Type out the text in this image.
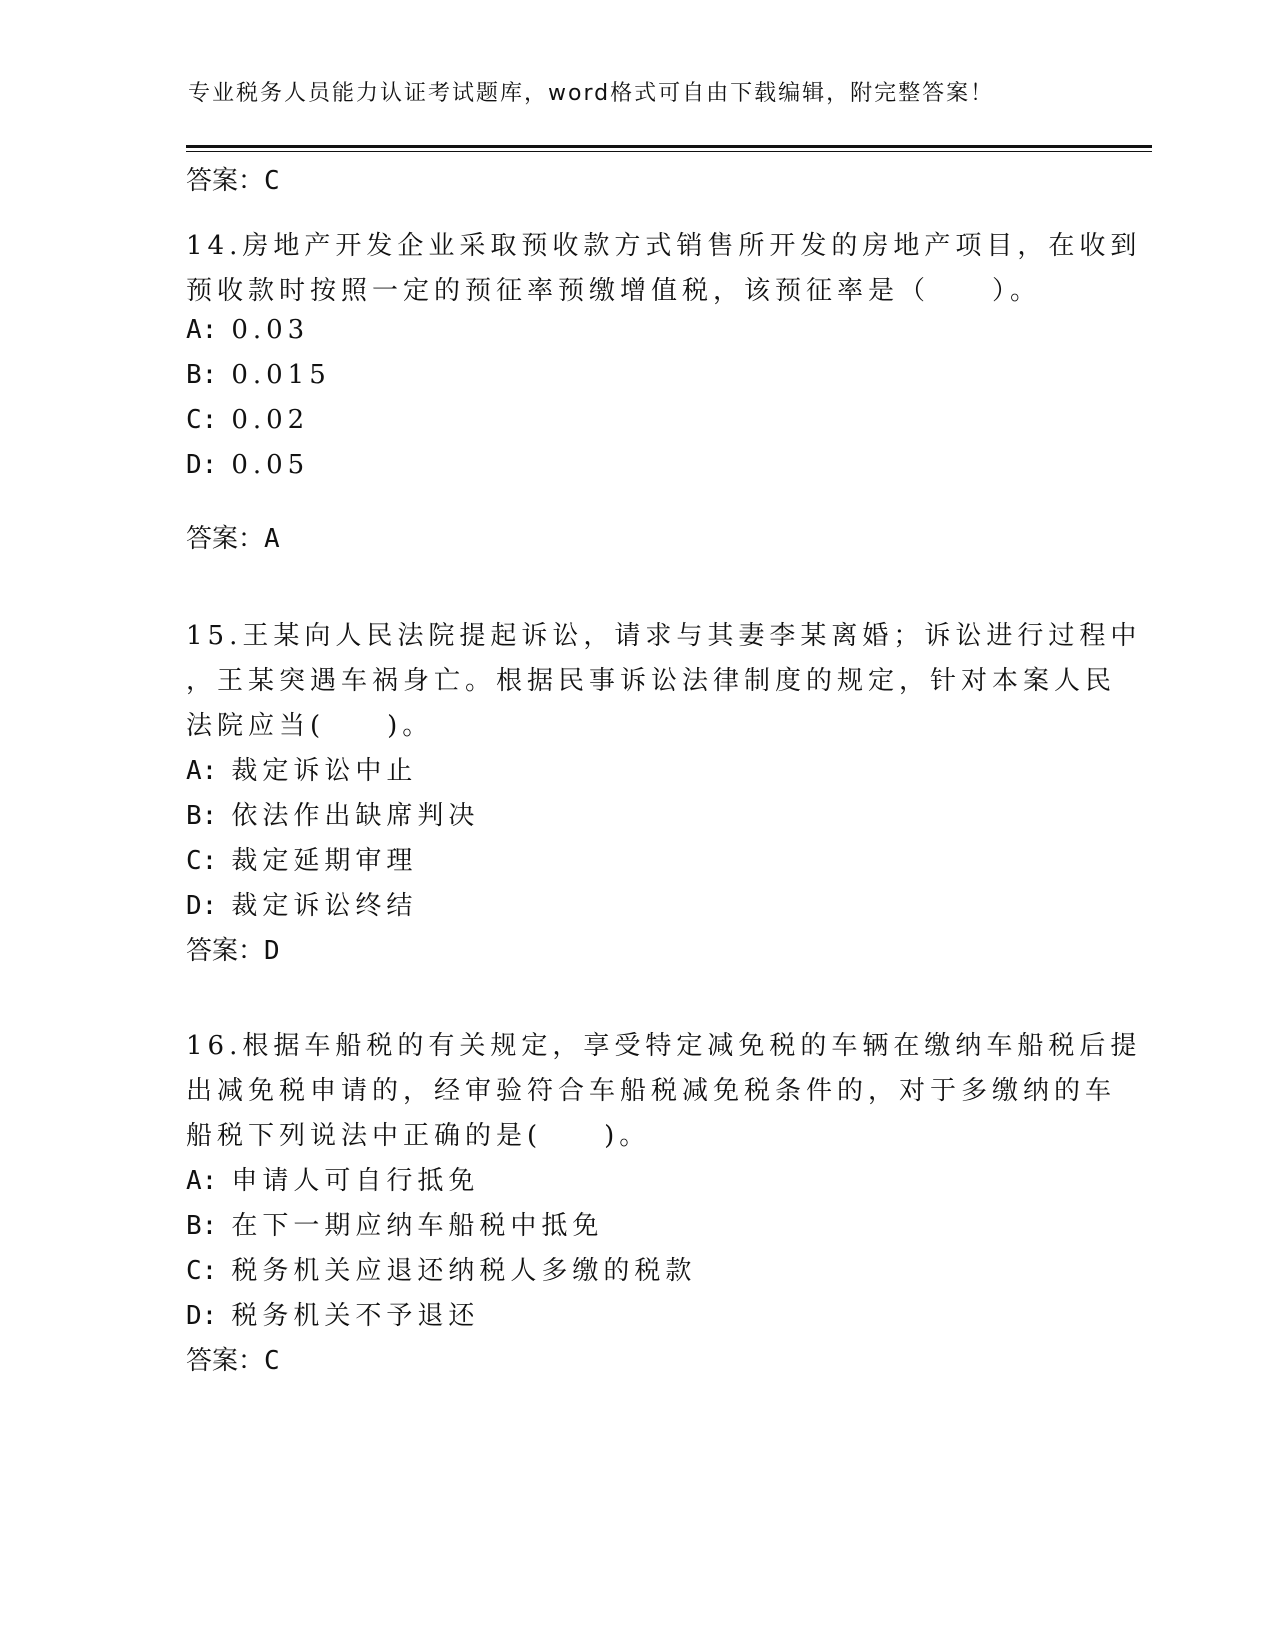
专业税务人员能力认证考试题库，word格式可自由下载编辑，附完整答案！
答案：C
14.房地产开发企业采取预收款方式销售所开发的房地产项目，在收到
预收款时按照一定的预征率预缴增值税，该预征率是（　　）。
A: 0.03
B: 0.015
C: 0.02
D: 0.05
答案：A
15.王某向人民法院提起诉讼，请求与其妻李某离婚；诉讼进行过程中
，王某突遇车祸身亡。根据民事诉讼法律制度的规定，针对本案人民
法院应当(　　)。
A: 裁定诉讼中止
B: 依法作出缺席判决
C: 裁定延期审理
D: 裁定诉讼终结
答案：D
16.根据车船税的有关规定，享受特定减免税的车辆在缴纳车船税后提
出减免税申请的，经审验符合车船税减免税条件的，对于多缴纳的车
船税下列说法中正确的是(　　)。
A: 申请人可自行抵免
B: 在下一期应纳车船税中抵免
C: 税务机关应退还纳税人多缴的税款
D: 税务机关不予退还
答案：C
